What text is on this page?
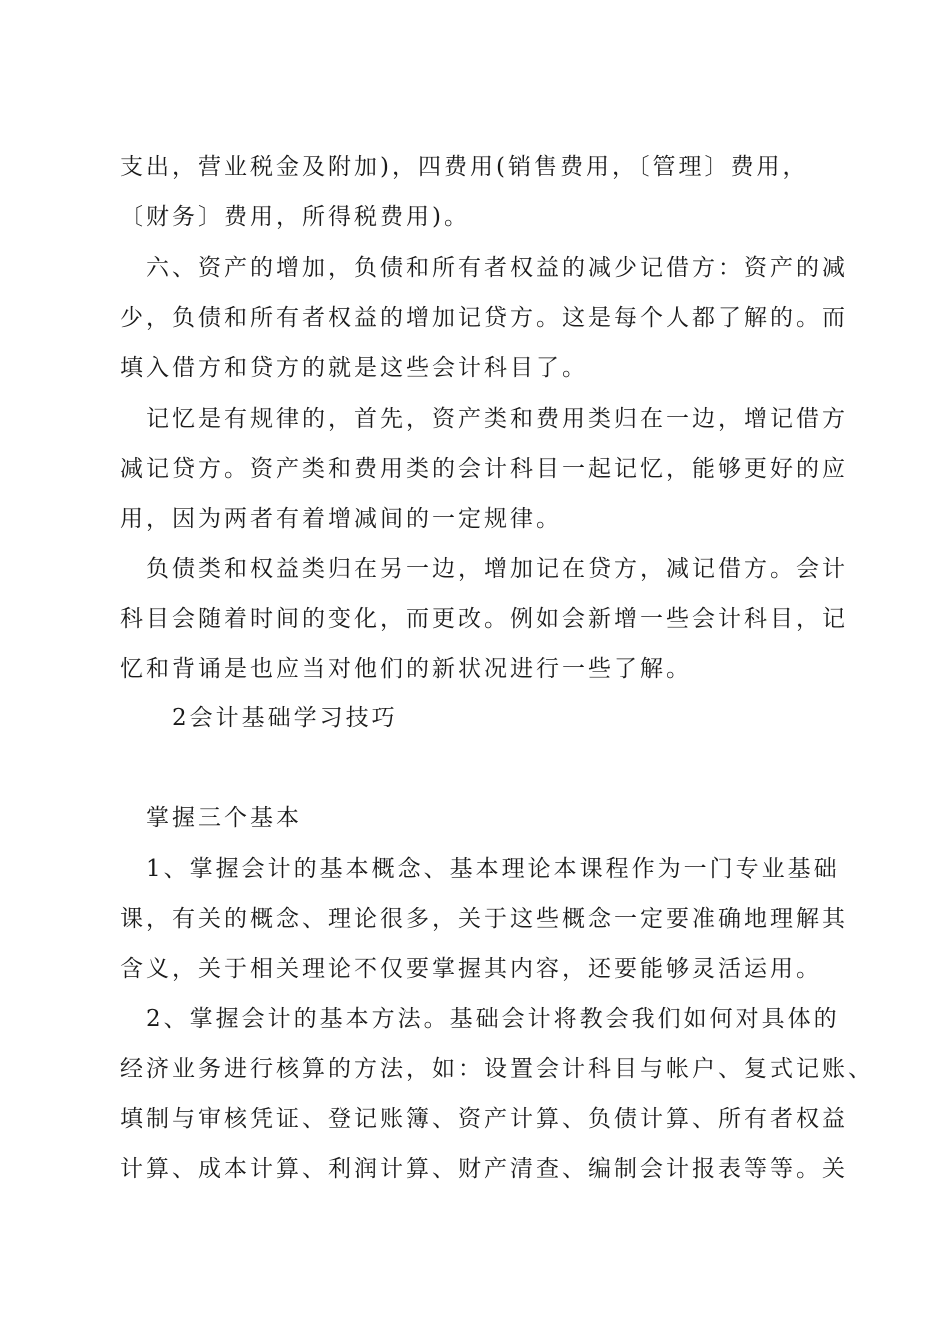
支出，营业税金及附加)，四费用(销售费用，〔管理〕费用，
〔财务〕费用，所得税费用)。
六、资产的增加，负债和所有者权益的减少记借方：资产的减
少，负债和所有者权益的增加记贷方。这是每个人都了解的。而
填入借方和贷方的就是这些会计科目了。
记忆是有规律的，首先，资产类和费用类归在一边，增记借方
减记贷方。资产类和费用类的会计科目一起记忆，能够更好的应
用，因为两者有着增减间的一定规律。
负债类和权益类归在另一边，增加记在贷方，减记借方。会计
科目会随着时间的变化，而更改。例如会新增一些会计科目，记
忆和背诵是也应当对他们的新状况进行一些了解。
2会计基础学习技巧
掌握三个基本
1、掌握会计的基本概念、基本理论本课程作为一门专业基础
课，有关的概念、理论很多，关于这些概念一定要准确地理解其
含义，关于相关理论不仅要掌握其内容，还要能够灵活运用。
2、掌握会计的基本方法。基础会计将教会我们如何对具体的
经济业务进行核算的方法，如：设置会计科目与帐户、复式记账、
填制与审核凭证、登记账簿、资产计算、负债计算、所有者权益
计算、成本计算、利润计算、财产清查、编制会计报表等等。关
